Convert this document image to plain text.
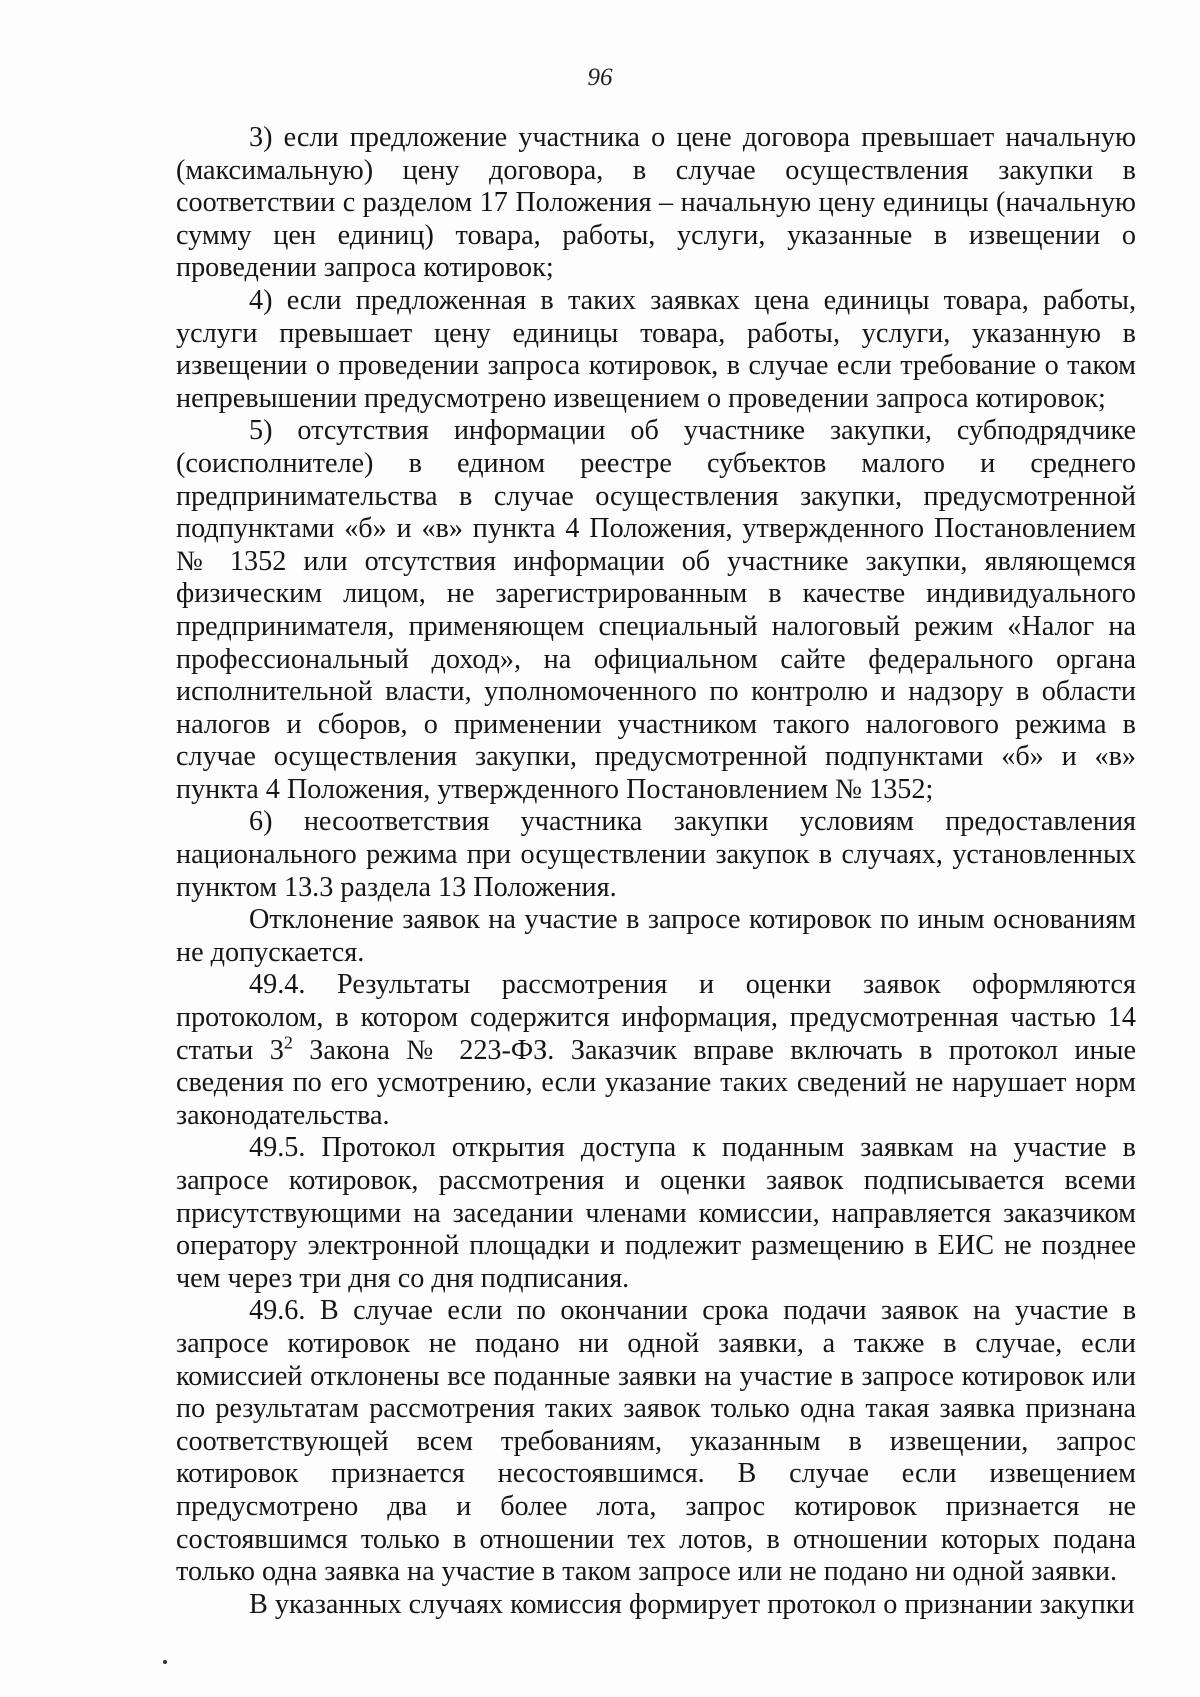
96

3) если предложение участника о цене договора превышает начальную (максимальную) цену договора, в случае осуществления закупки в соответствии с разделом 17 Положения – начальную цену единицы (начальную сумму цен единиц) товара, работы, услуги, указанные в извещении о проведении запроса котировок;

4) если предложенная в таких заявках цена единицы товара, работы, услуги превышает цену единицы товара, работы, услуги, указанную в извещении о проведении запроса котировок, в случае если требование о таком непревышении предусмотрено извещением о проведении запроса котировок;

5) отсутствия информации об участнике закупки, субподрядчике (соисполнителе) в едином реестре субъектов малого и среднего предпринимательства в случае осуществления закупки, предусмотренной подпунктами «б» и «в» пункта 4 Положения, утвержденного Постановлением № 1352 или отсутствия информации об участнике закупки, являющемся физическим лицом, не зарегистрированным в качестве индивидуального предпринимателя, применяющем специальный налоговый режим «Налог на профессиональный доход», на официальном сайте федерального органа исполнительной власти, уполномоченного по контролю и надзору в области налогов и сборов, о применении участником такого налогового режима в случае осуществления закупки, предусмотренной подпунктами «б» и «в» пункта 4 Положения, утвержденного Постановлением № 1352;

6) несоответствия участника закупки условиям предоставления национального режима при осуществлении закупок в случаях, установленных пунктом 13.3 раздела 13 Положения.

Отклонение заявок на участие в запросе котировок по иным основаниям не допускается.

49.4. Результаты рассмотрения и оценки заявок оформляются протоколом, в котором содержится информация, предусмотренная частью 14 статьи $3^2$ Закона № 223-ФЗ. Заказчик вправе включать в протокол иные сведения по его усмотрению, если указание таких сведений не нарушает норм законодательства.

49.5. Протокол открытия доступа к поданным заявкам на участие в запросе котировок, рассмотрения и оценки заявок подписывается всеми присутствующими на заседании членами комиссии, направляется заказчиком оператору электронной площадки и подлежит размещению в ЕИС не позднее чем через три дня со дня подписания.

49.6. В случае если по окончании срока подачи заявок на участие в запросе котировок не подано ни одной заявки, а также в случае, если комиссией отклонены все поданные заявки на участие в запросе котировок или по результатам рассмотрения таких заявок только одна такая заявка признана соответствующей всем требованиям, указанным в извещении, запрос котировок признается несостоявшимся. В случае если извещением предусмотрено два и более лота, запрос котировок признается не состоявшимся только в отношении тех лотов, в отношении которых подана только одна заявка на участие в таком запросе или не подано ни одной заявки.

В указанных случаях комиссия формирует протокол о признании закупки
